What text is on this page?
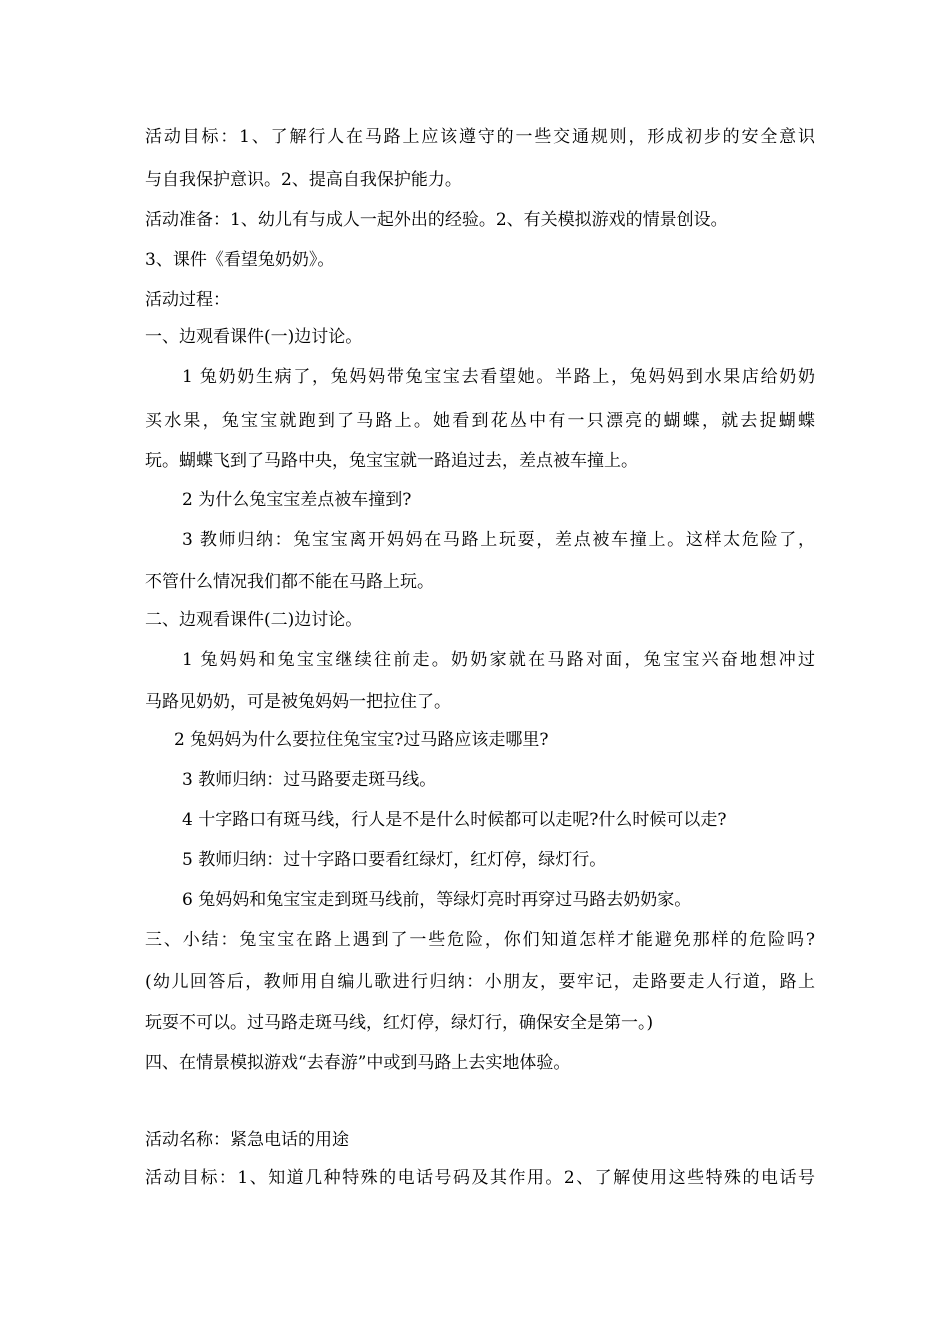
活动目标：1、了解行人在马路上应该遵守的一些交通规则，形成初步的安全意识
与自我保护意识。2、提高自我保护能力。
活动准备：1、幼儿有与成人一起外出的经验。2、有关模拟游戏的情景创设。
3、课件《看望兔奶奶》。
活动过程：
一、边观看课件(一)边讨论。
1 兔奶奶生病了，兔妈妈带兔宝宝去看望她。半路上，兔妈妈到水果店给奶奶
买水果，兔宝宝就跑到了马路上。她看到花丛中有一只漂亮的蝴蝶，就去捉蝴蝶
玩。蝴蝶飞到了马路中央，兔宝宝就一路追过去，差点被车撞上。
2 为什么兔宝宝差点被车撞到?
3 教师归纳：兔宝宝离开妈妈在马路上玩耍，差点被车撞上。这样太危险了，
不管什么情况我们都不能在马路上玩。
二、边观看课件(二)边讨论。
1 兔妈妈和兔宝宝继续往前走。奶奶家就在马路对面，兔宝宝兴奋地想冲过
马路见奶奶，可是被兔妈妈一把拉住了。
2 兔妈妈为什么要拉住兔宝宝?过马路应该走哪里?
3 教师归纳：过马路要走斑马线。
4 十字路口有斑马线，行人是不是什么时候都可以走呢?什么时候可以走?
5 教师归纳：过十字路口要看红绿灯，红灯停，绿灯行。
6 兔妈妈和兔宝宝走到斑马线前，等绿灯亮时再穿过马路去奶奶家。
三、小结：兔宝宝在路上遇到了一些危险，你们知道怎样才能避免那样的危险吗?
(幼儿回答后，教师用自编儿歌进行归纳：小朋友，要牢记，走路要走人行道，路上
玩耍不可以。过马路走斑马线，红灯停，绿灯行，确保安全是第一。)
四、在情景模拟游戏“去春游”中或到马路上去实地体验。
活动名称：紧急电话的用途
活动目标：1、知道几种特殊的电话号码及其作用。2、了解使用这些特殊的电话号
